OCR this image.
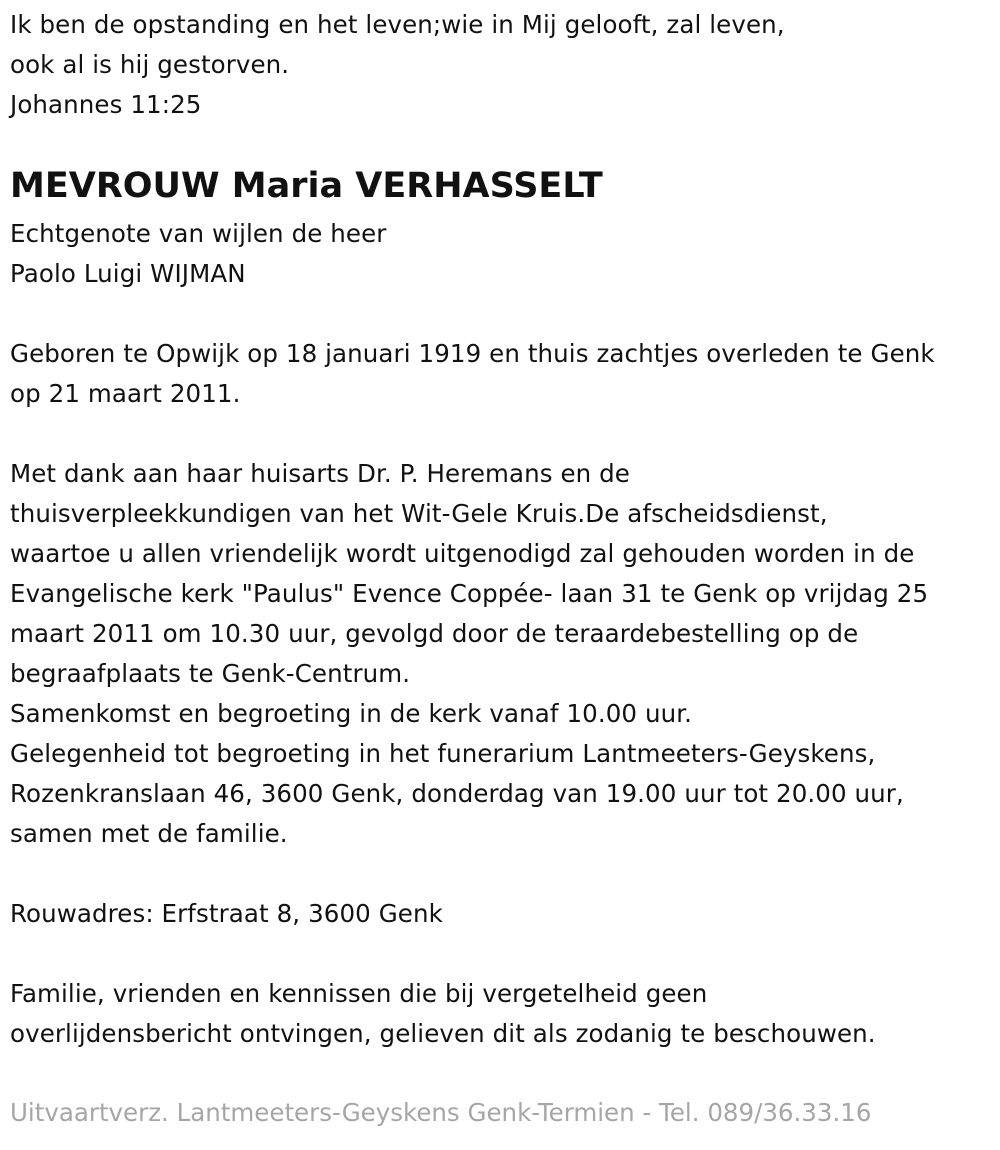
Ik ben de opstanding en het leven;wie in Mij gelooft, zal leven,
ook al is hij gestorven.
Johannes 11:25
MEVROUW Maria VERHASSELT
Echtgenote van wijlen de heer
Paolo Luigi WIJMAN
Geboren te Opwijk op 18 januari 1919 en thuis zachtjes overleden te Genk
op 21 maart 2011.
Met dank aan haar huisarts Dr. P. Heremans en de
thuisverpleekkundigen van het Wit-Gele Kruis.De afscheidsdienst,
waartoe u allen vriendelijk wordt uitgenodigd zal gehouden worden in de
Evangelische kerk "Paulus" Evence Coppée- laan 31 te Genk op vrijdag 25
maart 2011 om 10.30 uur, gevolgd door de teraardebestelling op de
begraafplaats te Genk-Centrum.
Samenkomst en begroeting in de kerk vanaf 10.00 uur.
Gelegenheid tot begroeting in het funerarium Lantmeeters-Geyskens,
Rozenkranslaan 46, 3600 Genk, donderdag van 19.00 uur tot 20.00 uur,
samen met de familie.
Rouwadres: Erfstraat 8, 3600 Genk
Familie, vrienden en kennissen die bij vergetelheid geen
overlijdensbericht ontvingen, gelieven dit als zodanig te beschouwen.
Uitvaartverz. Lantmeeters-Geyskens Genk-Termien - Tel. 089/36.33.16
